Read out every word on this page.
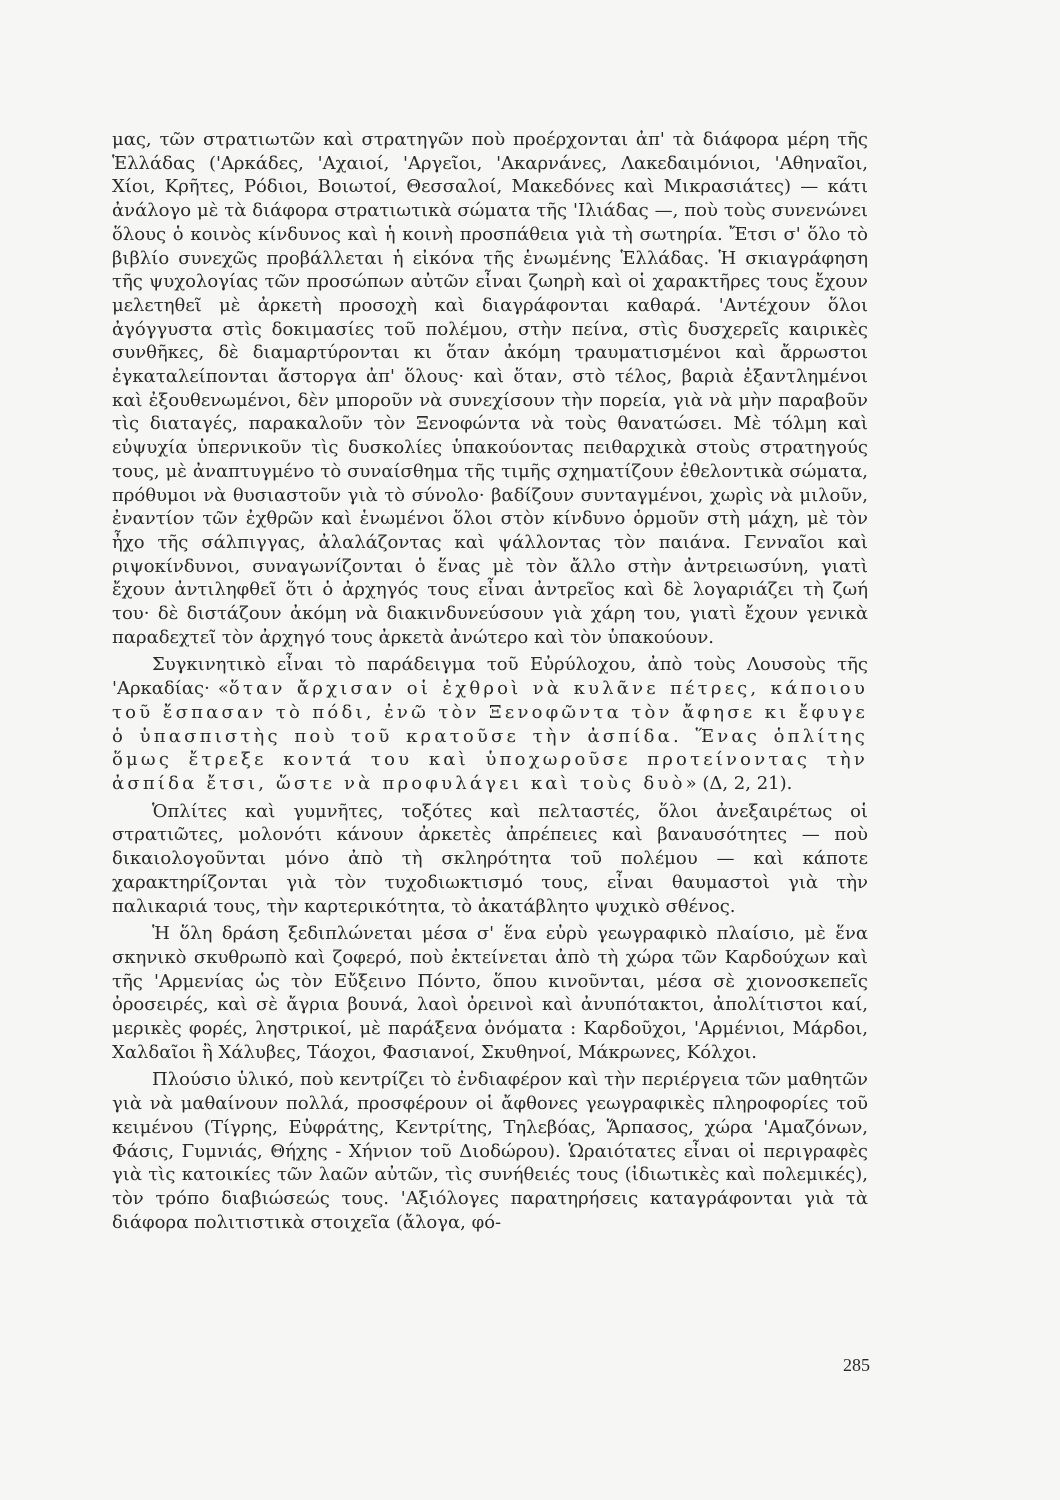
μας, τῶν στρατιωτῶν καὶ στρατηγῶν ποὺ προέρχονται ἀπ' τὰ διάφορα μέρη τῆς Ἑλλάδας ('Αρκάδες, 'Αχαιοί, 'Αργεῖοι, 'Ακαρνάνες, Λακεδαιμόνιοι, 'Αθηναῖοι, Χίοι, Κρῆτες, Ρόδιοι, Βοιωτοί, Θεσσαλοί, Μακεδόνες καὶ Μικρασιάτες) — κάτι ἀνάλογο μὲ τὰ διάφορα στρατιωτικὰ σώματα τῆς 'Ιλιάδας —, ποὺ τοὺς συνενώνει ὅλους ὁ κοινὸς κίνδυνος καὶ ἡ κοινὴ προσπάθεια γιὰ τὴ σωτηρία. Ἔτσι σ' ὅλο τὸ βιβλίο συνεχῶς προβάλλεται ἡ εἰκόνα τῆς ἑνωμένης Ἑλλάδας. Ἡ σκιαγράφηση τῆς ψυχολογίας τῶν προσώπων αὐτῶν εἶναι ζωηρὴ καὶ οἱ χαρακτῆρες τους ἔχουν μελετηθεῖ μὲ ἀρκετὴ προσοχὴ καὶ διαγράφονται καθαρά. 'Αντέχουν ὅλοι ἀγόγγυστα στὶς δοκιμασίες τοῦ πολέμου, στὴν πείνα, στὶς δυσχερεῖς καιρικὲς συνθῆκες, δὲ διαμαρτύρονται κι ὅταν ἀκόμη τραυματισμένοι καὶ ἄρρωστοι ἐγκαταλείπονται ἄστοργα ἀπ' ὅλους· καὶ ὅταν, στὸ τέλος, βαριὰ ἐξαντλημένοι καὶ ἐξουθενωμένοι, δὲν μποροῦν νὰ συνεχίσουν τὴν πορεία, γιὰ νὰ μὴν παραβοῦν τὶς διαταγές, παρακαλοῦν τὸν Ξενοφώντα νὰ τοὺς θανατώσει. Μὲ τόλμη καὶ εὐψυχία ὑπερνικοῦν τὶς δυσκολίες ὑπακούοντας πειθαρχικὰ στοὺς στρατηγούς τους, μὲ ἀναπτυγμένο τὸ συναίσθημα τῆς τιμῆς σχηματίζουν ἐθελοντικὰ σώματα, πρόθυμοι νὰ θυσιαστοῦν γιὰ τὸ σύνολο· βαδίζουν συνταγμένοι, χωρὶς νὰ μιλοῦν, ἐναντίον τῶν ἐχθρῶν καὶ ἑνωμένοι ὅλοι στὸν κίνδυνο ὁρμοῦν στὴ μάχη, μὲ τὸν ἦχο τῆς σάλπιγγας, ἀλαλάζοντας καὶ ψάλλοντας τὸν παιάνα. Γενναῖοι καὶ ριψοκίνδυνοι, συναγωνίζονται ὁ ἕνας μὲ τὸν ἄλλο στὴν ἀντρειωσύνη, γιατὶ ἔχουν ἀντιληφθεῖ ὅτι ὁ ἀρχηγός τους εἶναι ἀντρεῖος καὶ δὲ λογαριάζει τὴ ζωή του· δὲ διστάζουν ἀκόμη νὰ διακινδυνεύσουν γιὰ χάρη του, γιατὶ ἔχουν γενικὰ παραδεχτεῖ τὸν ἀρχηγό τους ἀρκετὰ ἀνώτερο καὶ τὸν ὑπακούουν.

Συγκινητικὸ εἶναι τὸ παράδειγμα τοῦ Εὐρύλοχου, ἀπὸ τοὺς Λουσοὺς τῆς 'Αρκαδίας· «ὅταν ἄρχισαν οἱ ἐχθροὶ νὰ κυλᾶνε πέτρες, κάποιου τοῦ ἔσπασαν τὸ πόδι, ἐνῶ τὸν Ξενοφῶντα τὸν ἄφησε κι ἔφυγε ὁ ὑπασπιστὴς ποὺ τοῦ κρατοῦσε τὴν ἀσπίδα. Ἕνας ὁπλίτης ὅμως ἔτρεξε κοντά του καὶ ὑποχωροῦσε προτείνοντας τὴν ἀσπίδα ἔτσι, ὥστε νὰ προφυλάγει καὶ τοὺς δυὸ» (Δ, 2, 21).

Ὁπλίτες καὶ γυμνῆτες, τοξότες καὶ πελταστές, ὅλοι ἀνεξαιρέτως οἱ στρατιῶτες, μολονότι κάνουν ἀρκετὲς ἀπρέπειες καὶ βαναυσότητες — ποὺ δικαιολογοῦνται μόνο ἀπὸ τὴ σκληρότητα τοῦ πολέμου — καὶ κάποτε χαρακτηρίζονται γιὰ τὸν τυχοδιωκτισμό τους, εἶναι θαυμαστοὶ γιὰ τὴν παλικαριά τους, τὴν καρτερικότητα, τὸ ἀκατάβλητο ψυχικὸ σθένος.

Ἡ ὅλη δράση ξεδιπλώνεται μέσα σ' ἕνα εὐρὺ γεωγραφικὸ πλαίσιο, μὲ ἕνα σκηνικὸ σκυθρωπὸ καὶ ζοφερό, ποὺ ἐκτείνεται ἀπὸ τὴ χώρα τῶν Καρδούχων καὶ τῆς 'Αρμενίας ὡς τὸν Εὔξεινο Πόντο, ὅπου κινοῦνται, μέσα σὲ χιονοσκεπεῖς ὀροσειρές, καὶ σὲ ἄγρια βουνά, λαοὶ ὀρεινοὶ καὶ ἀνυπότακτοι, ἀπολίτιστοι καί, μερικὲς φορές, ληστρικοί, μὲ παράξενα ὀνόματα : Καρδοῦχοι, 'Αρμένιοι, Μάρδοι, Χαλδαῖοι ἢ Χάλυβες, Τάοχοι, Φασιανοί, Σκυθηνοί, Μάκρωνες, Κόλχοι.

Πλούσιο ὑλικό, ποὺ κεντρίζει τὸ ἐνδιαφέρον καὶ τὴν περιέργεια τῶν μαθητῶν γιὰ νὰ μαθαίνουν πολλά, προσφέρουν οἱ ἄφθονες γεωγραφικὲς πληροφορίες τοῦ κειμένου (Τίγρης, Εὐφράτης, Κεντρίτης, Τηλεβόας, Ἅρπασος, χώρα 'Αμαζόνων, Φάσις, Γυμνιάς, Θήχης - Χήνιον τοῦ Διοδώρου). Ὡραιότατες εἶναι οἱ περιγραφὲς γιὰ τὶς κατοικίες τῶν λαῶν αὐτῶν, τὶς συνήθειές τους (ἰδιωτικὲς καὶ πολεμικές), τὸν τρόπο διαβιώσεώς τους. 'Αξιόλογες παρατηρήσεις καταγράφονται γιὰ τὰ διάφορα πολιτιστικὰ στοιχεῖα (ἄλογα, φό-

285
